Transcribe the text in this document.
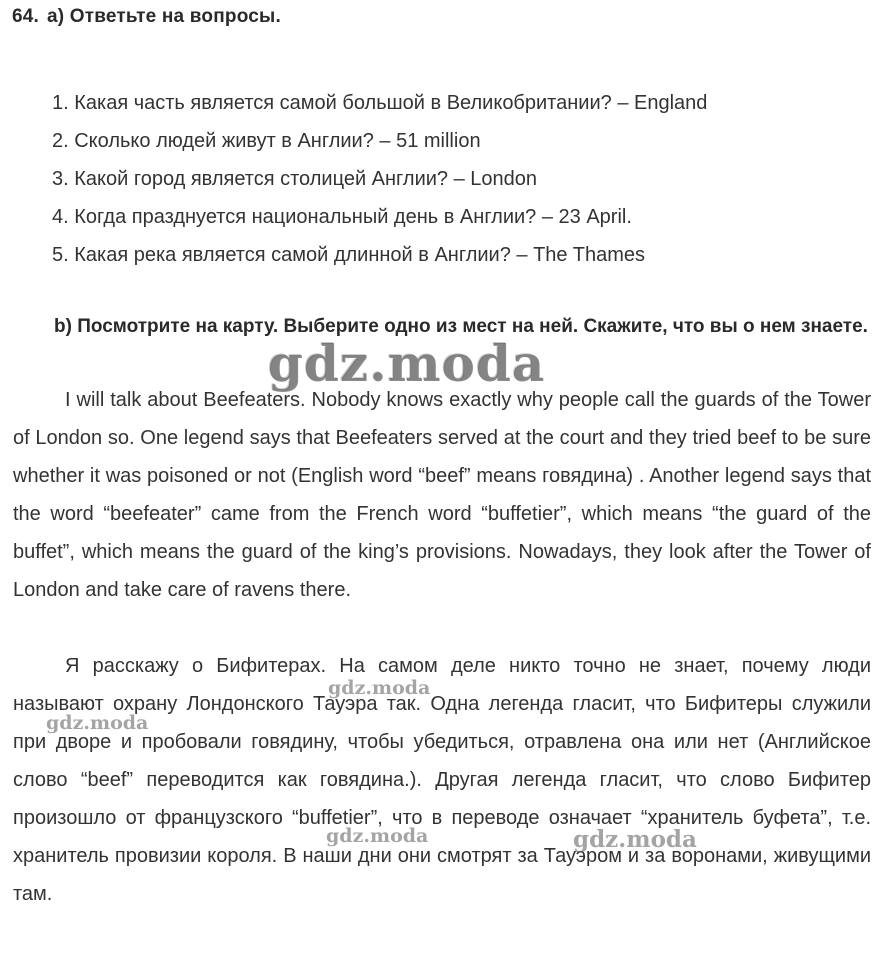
64. а) Ответьте на вопросы.
1. Какая часть является самой большой в Великобритании? – England
2. Сколько людей живут в Англии? – 51 million
3. Какой город является столицей Англии? – London
4. Когда празднуется национальный день в Англии? – 23 April.
5. Какая река является самой длинной в Англии? – The Thames
b) Посмотрите на карту. Выберите одно из мест на ней. Скажите, что вы о нем знаете.

I will talk about Beefeaters. Nobody knows exactly why people call the guards of the Tower of London so. One legend says that Beefeaters served at the court and they tried beef to be sure whether it was poisoned or not (English word “beef” means говядина) . Another legend says that the word “beefeater” came from the French word “buffetier”, which means “the guard of the buffet”, which means the guard of the king’s provisions. Nowadays, they look after the Tower of London and take care of ravens there.

Я расскажу о Бифитерах. На самом деле никто точно не знает, почему люди называют охрану Лондонского Тауэра так. Одна легенда гласит, что Бифитеры служили при дворе и пробовали говядину, чтобы убедиться, отравлена она или нет (Английское слово “beef” переводится как говядина.). Другая легенда гласит, что слово Бифитер произошло от французского “buffetier”, что в переводе означает “хранитель буфета”, т.е. хранитель провизии короля. В наши дни они смотрят за Тауэром и за воронами, живущими там.

gdz.moda
gdz.moda
gdz.moda
gdz.moda	gdz.moda
